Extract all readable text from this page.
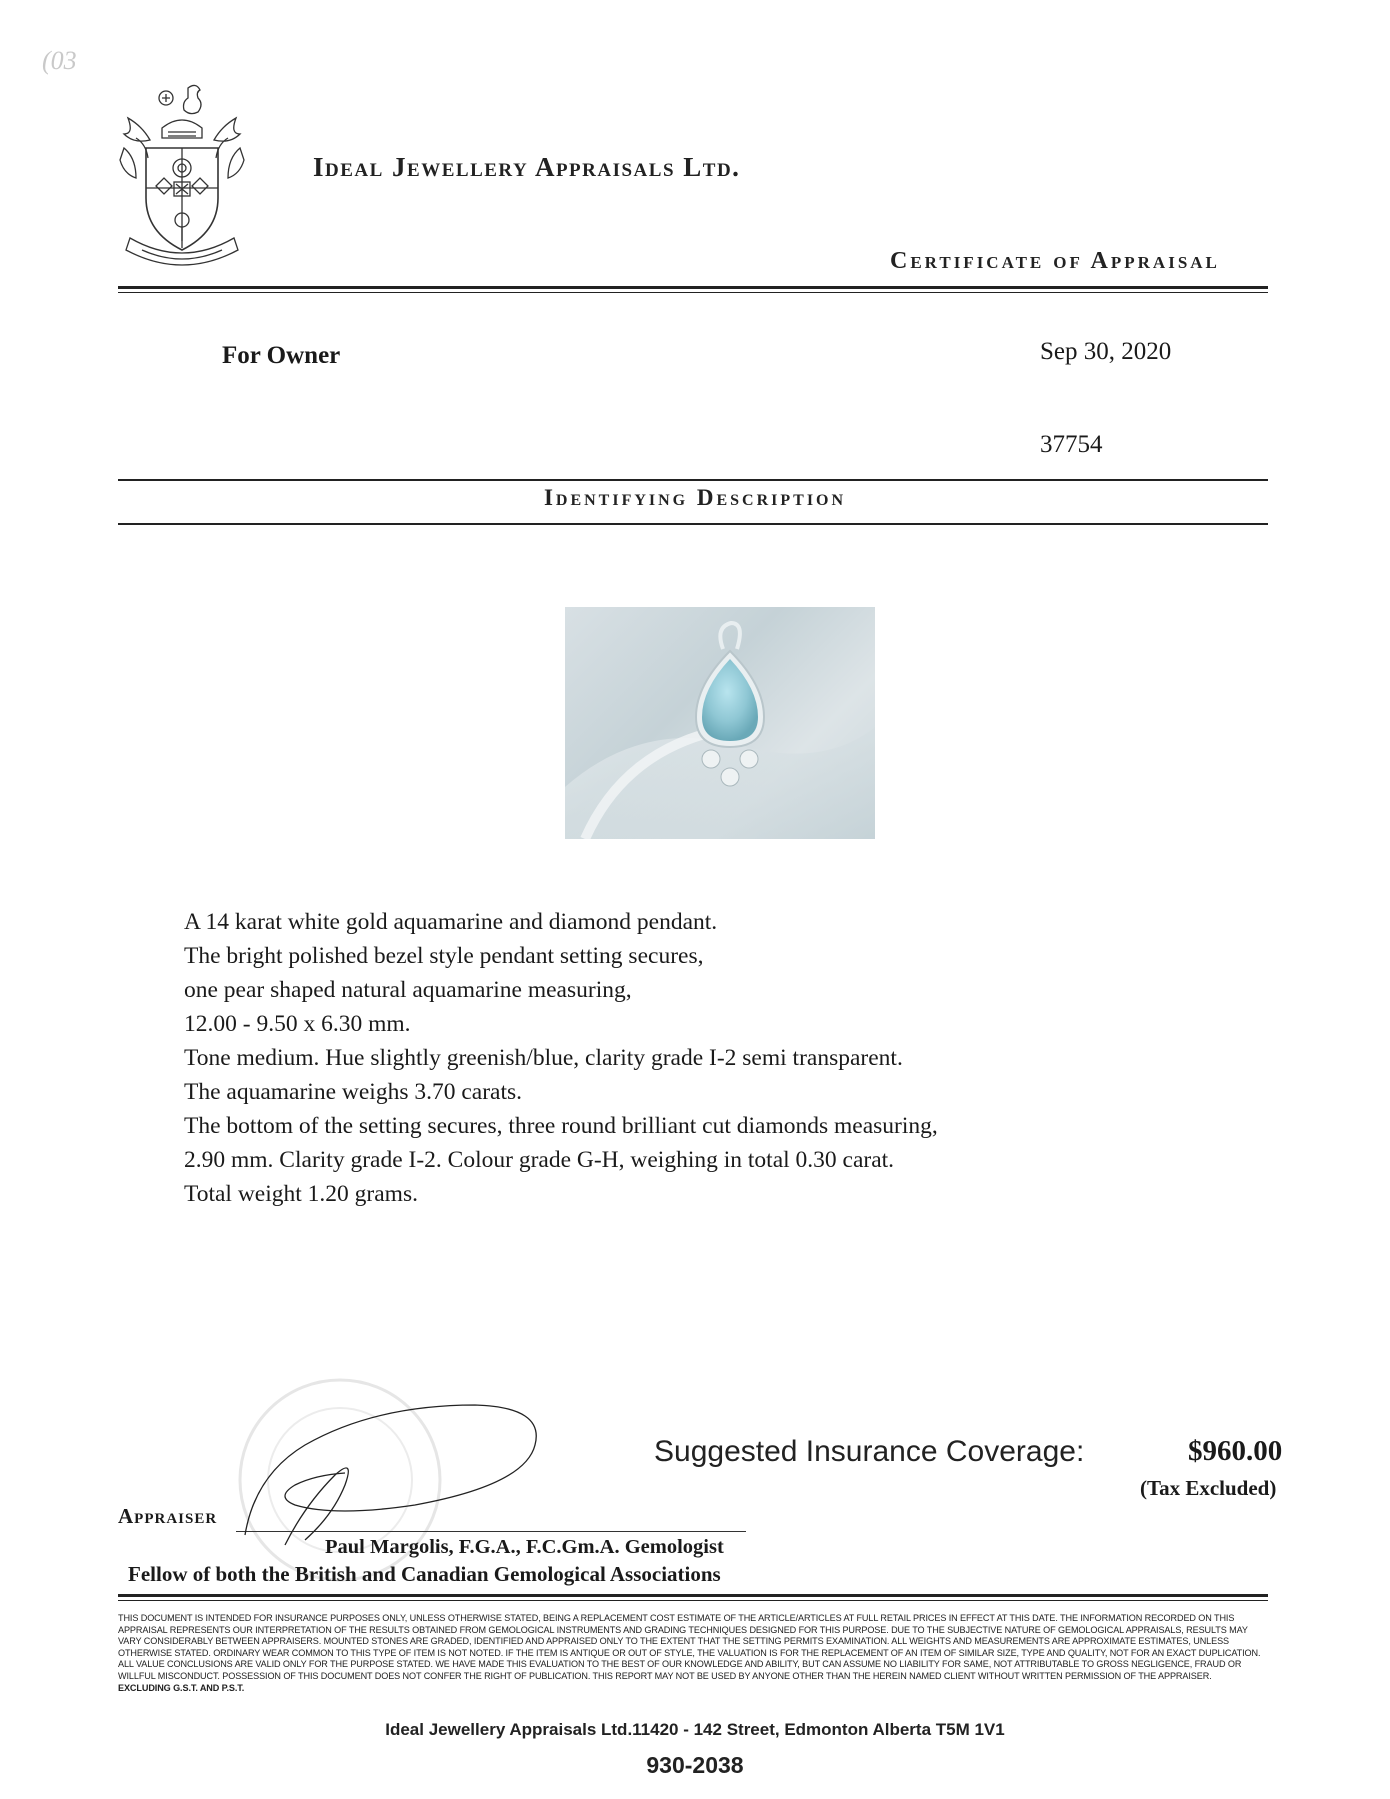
(03
Ideal Jewellery Appraisals Ltd.
Certificate of Appraisal
For Owner	Sep 30, 2020
37754
Identifying Description
A 14 karat white gold aquamarine and diamond pendant.
The bright polished bezel style pendant setting secures,
one pear shaped natural aquamarine measuring,
12.00 - 9.50 x 6.30 mm.
Tone medium. Hue slightly greenish/blue, clarity grade I-2 semi transparent.
The aquamarine weighs 3.70 carats.
The bottom of the setting secures, three round brilliant cut diamonds measuring,
2.90 mm. Clarity grade I-2. Colour grade G-H, weighing in total 0.30 carat.
Total weight 1.20 grams.
Suggested Insurance Coverage:	$960.00
(Tax Excluded)
Appraiser
Paul Margolis, F.G.A., F.C.Gm.A. Gemologist
Fellow of both the British and Canadian Gemological Associations
THIS DOCUMENT IS INTENDED FOR INSURANCE PURPOSES ONLY, UNLESS OTHERWISE STATED, BEING A REPLACEMENT COST ESTIMATE OF THE ARTICLE/ARTICLES AT FULL RETAIL PRICES IN EFFECT AT THIS DATE. THE INFORMATION RECORDED ON THIS APPRAISAL REPRESENTS OUR INTERPRETATION OF THE RESULTS OBTAINED FROM GEMOLOGICAL INSTRUMENTS AND GRADING TECHNIQUES DESIGNED FOR THIS PURPOSE. DUE TO THE SUBJECTIVE NATURE OF GEMOLOGICAL APPRAISALS, RESULTS MAY VARY CONSIDERABLY BETWEEN APPRAISERS. MOUNTED STONES ARE GRADED, IDENTIFIED AND APPRAISED ONLY TO THE EXTENT THAT THE SETTING PERMITS EXAMINATION. ALL WEIGHTS AND MEASUREMENTS ARE APPROXIMATE ESTIMATES, UNLESS OTHERWISE STATED. ORDINARY WEAR COMMON TO THIS TYPE OF ITEM IS NOT NOTED. IF THE ITEM IS ANTIQUE OR OUT OF STYLE, THE VALUATION IS FOR THE REPLACEMENT OF AN ITEM OF SIMILAR SIZE, TYPE AND QUALITY, NOT FOR AN EXACT DUPLICATION. ALL VALUE CONCLUSIONS ARE VALID ONLY FOR THE PURPOSE STATED. WE HAVE MADE THIS EVALUATION TO THE BEST OF OUR KNOWLEDGE AND ABILITY, BUT CAN ASSUME NO LIABILITY FOR SAME, NOT ATTRIBUTABLE TO GROSS NEGLIGENCE, FRAUD OR WILLFUL MISCONDUCT. POSSESSION OF THIS DOCUMENT DOES NOT CONFER THE RIGHT OF PUBLICATION. THIS REPORT MAY NOT BE USED BY ANYONE OTHER THAN THE HEREIN NAMED CLIENT WITHOUT WRITTEN PERMISSION OF THE APPRAISER.
EXCLUDING G.S.T. AND P.S.T.
Ideal Jewellery Appraisals Ltd.11420 - 142 Street, Edmonton Alberta T5M 1V1
930-2038
